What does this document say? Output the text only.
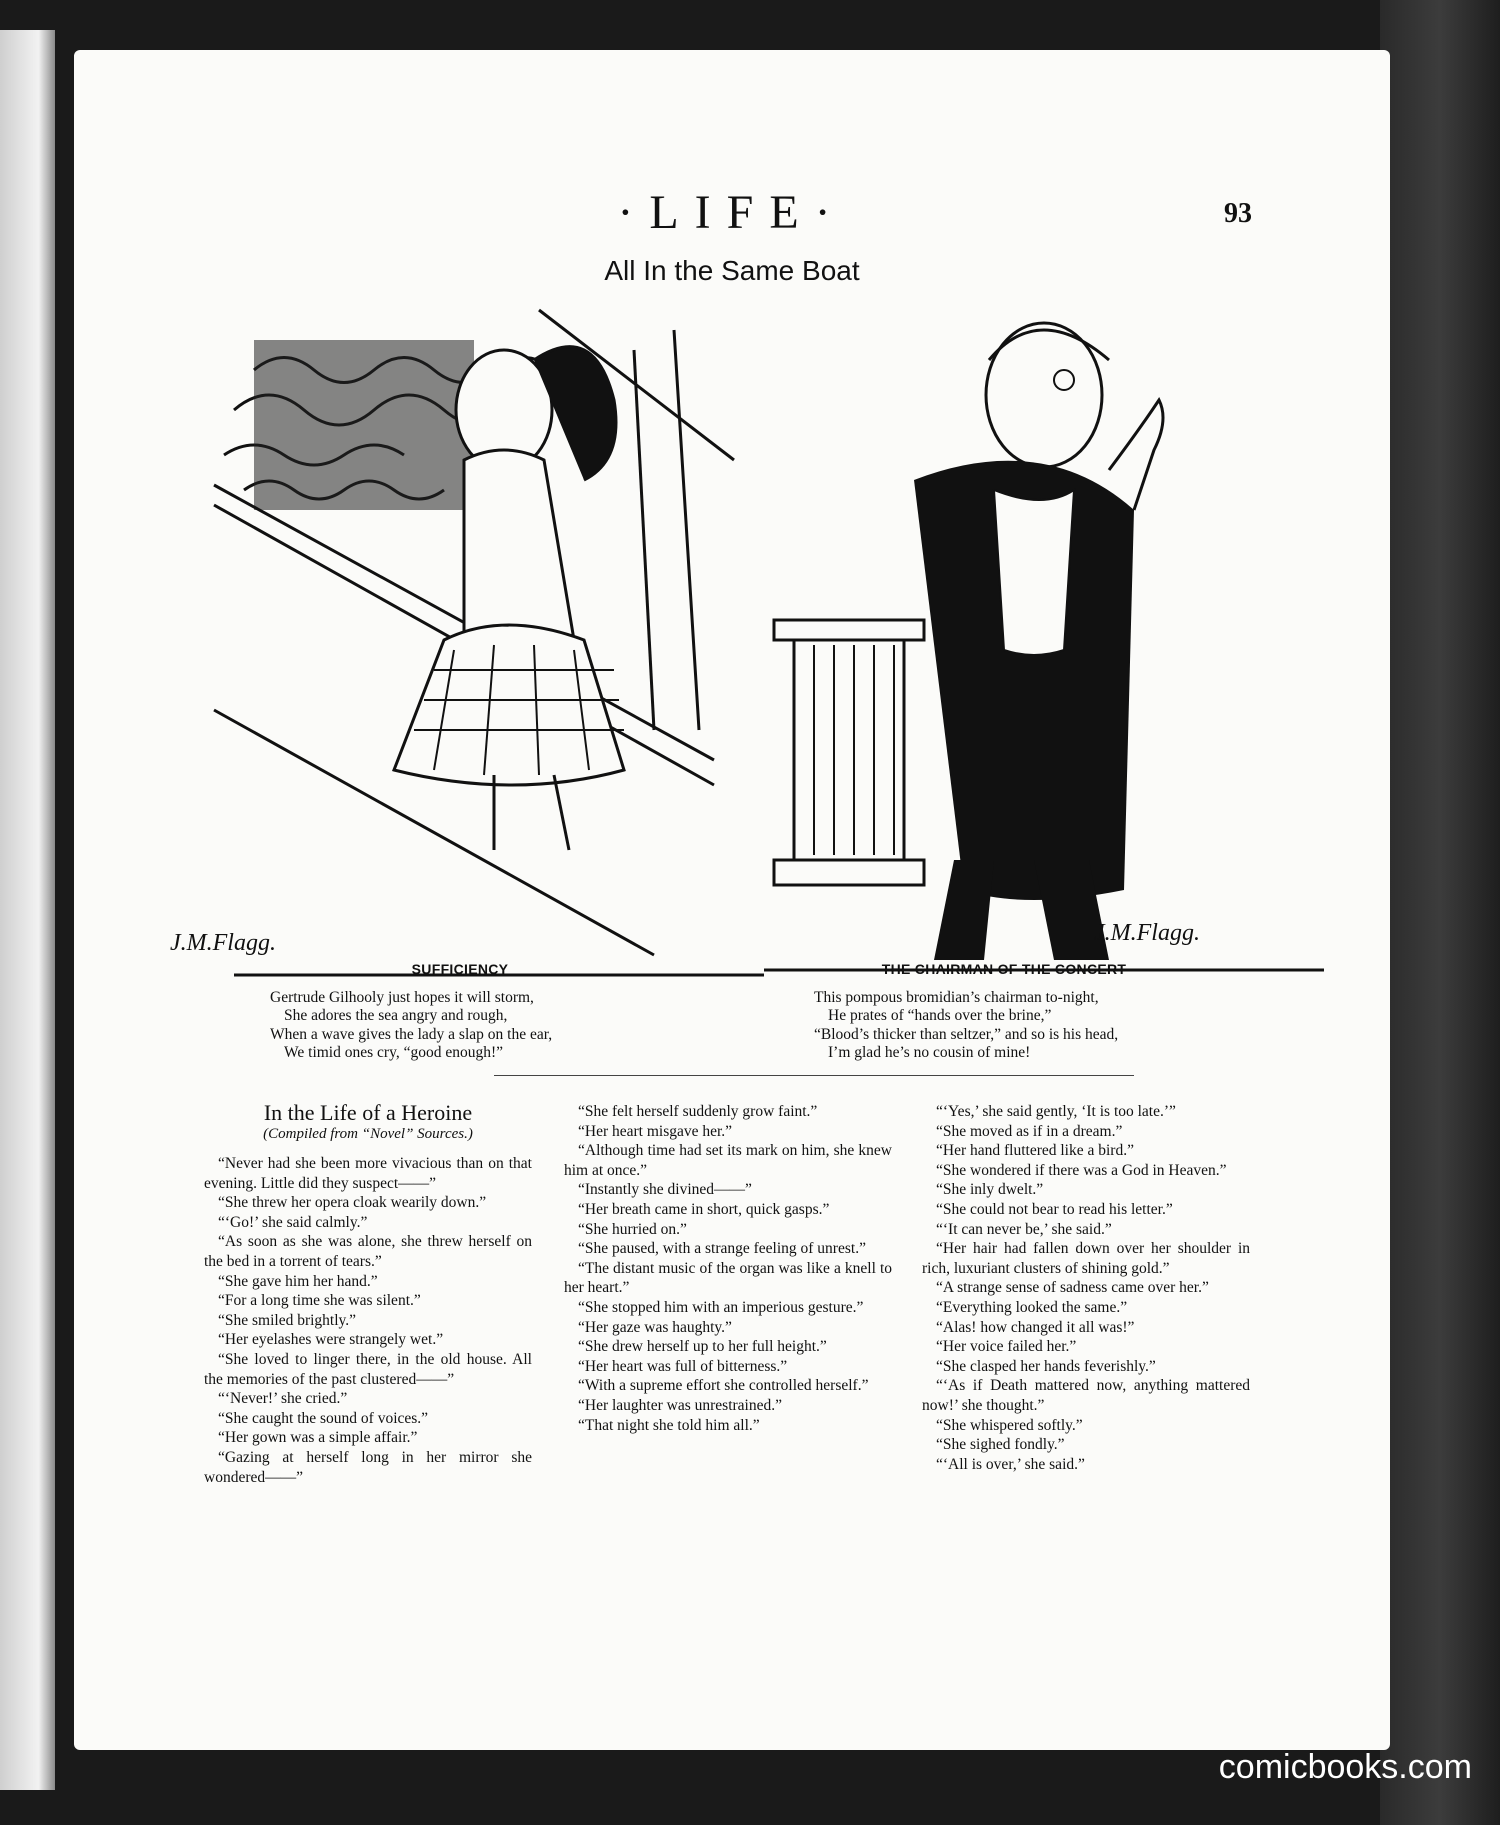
·LIFE·	93
All In the Same Boat
J.M.Flagg.	J.M.Flagg.
SUFFICIENCY
Gertrude Gilhooly just hopes it will storm,
She adores the sea angry and rough,
When a wave gives the lady a slap on the ear,
We timid ones cry, “good enough!”
THE CHAIRMAN OF THE CONCERT
This pompous bromidian’s chairman to-night,
He prates of “hands over the brine,”
“Blood’s thicker than seltzer,” and so is his head,
I’m glad he’s no cousin of mine!
In the Life of a Heroine
(Compiled from “Novel” Sources.)

“Never had she been more vivacious than on that evening. Little did they suspect——”

“She threw her opera cloak wearily down.”

“‘Go!’ she said calmly.”

“As soon as she was alone, she threw herself on the bed in a torrent of tears.”

“She gave him her hand.”

“For a long time she was silent.”

“She smiled brightly.”

“Her eyelashes were strangely wet.”

“She loved to linger there, in the old house. All the memories of the past clustered——”

“‘Never!’ she cried.”

“She caught the sound of voices.”

“Her gown was a simple affair.”

“Gazing at herself long in her mirror she wondered——”

“She felt herself suddenly grow faint.”

“Her heart misgave her.”

“Although time had set its mark on him, she knew him at once.”

“Instantly she divined——”

“Her breath came in short, quick gasps.”

“She hurried on.”

“She paused, with a strange feeling of unrest.”

“The distant music of the organ was like a knell to her heart.”

“She stopped him with an imperious gesture.”

“Her gaze was haughty.”

“She drew herself up to her full height.”

“Her heart was full of bitterness.”

“With a supreme effort she controlled herself.”

“Her laughter was unrestrained.”

“That night she told him all.”

“‘Yes,’ she said gently, ‘It is too late.’”

“She moved as if in a dream.”

“Her hand fluttered like a bird.”

“She wondered if there was a God in Heaven.”

“She inly dwelt.”

“She could not bear to read his letter.”

“‘It can never be,’ she said.”

“Her hair had fallen down over her shoulder in rich, luxuriant clusters of shining gold.”

“A strange sense of sadness came over her.”

“Everything looked the same.”

“Alas! how changed it all was!”

“Her voice failed her.”

“She clasped her hands feverishly.”

“‘As if Death mattered now, anything mattered now!’ she thought.”

“She whispered softly.”

“She sighed fondly.”

“‘All is over,’ she said.”

comicbooks.com
